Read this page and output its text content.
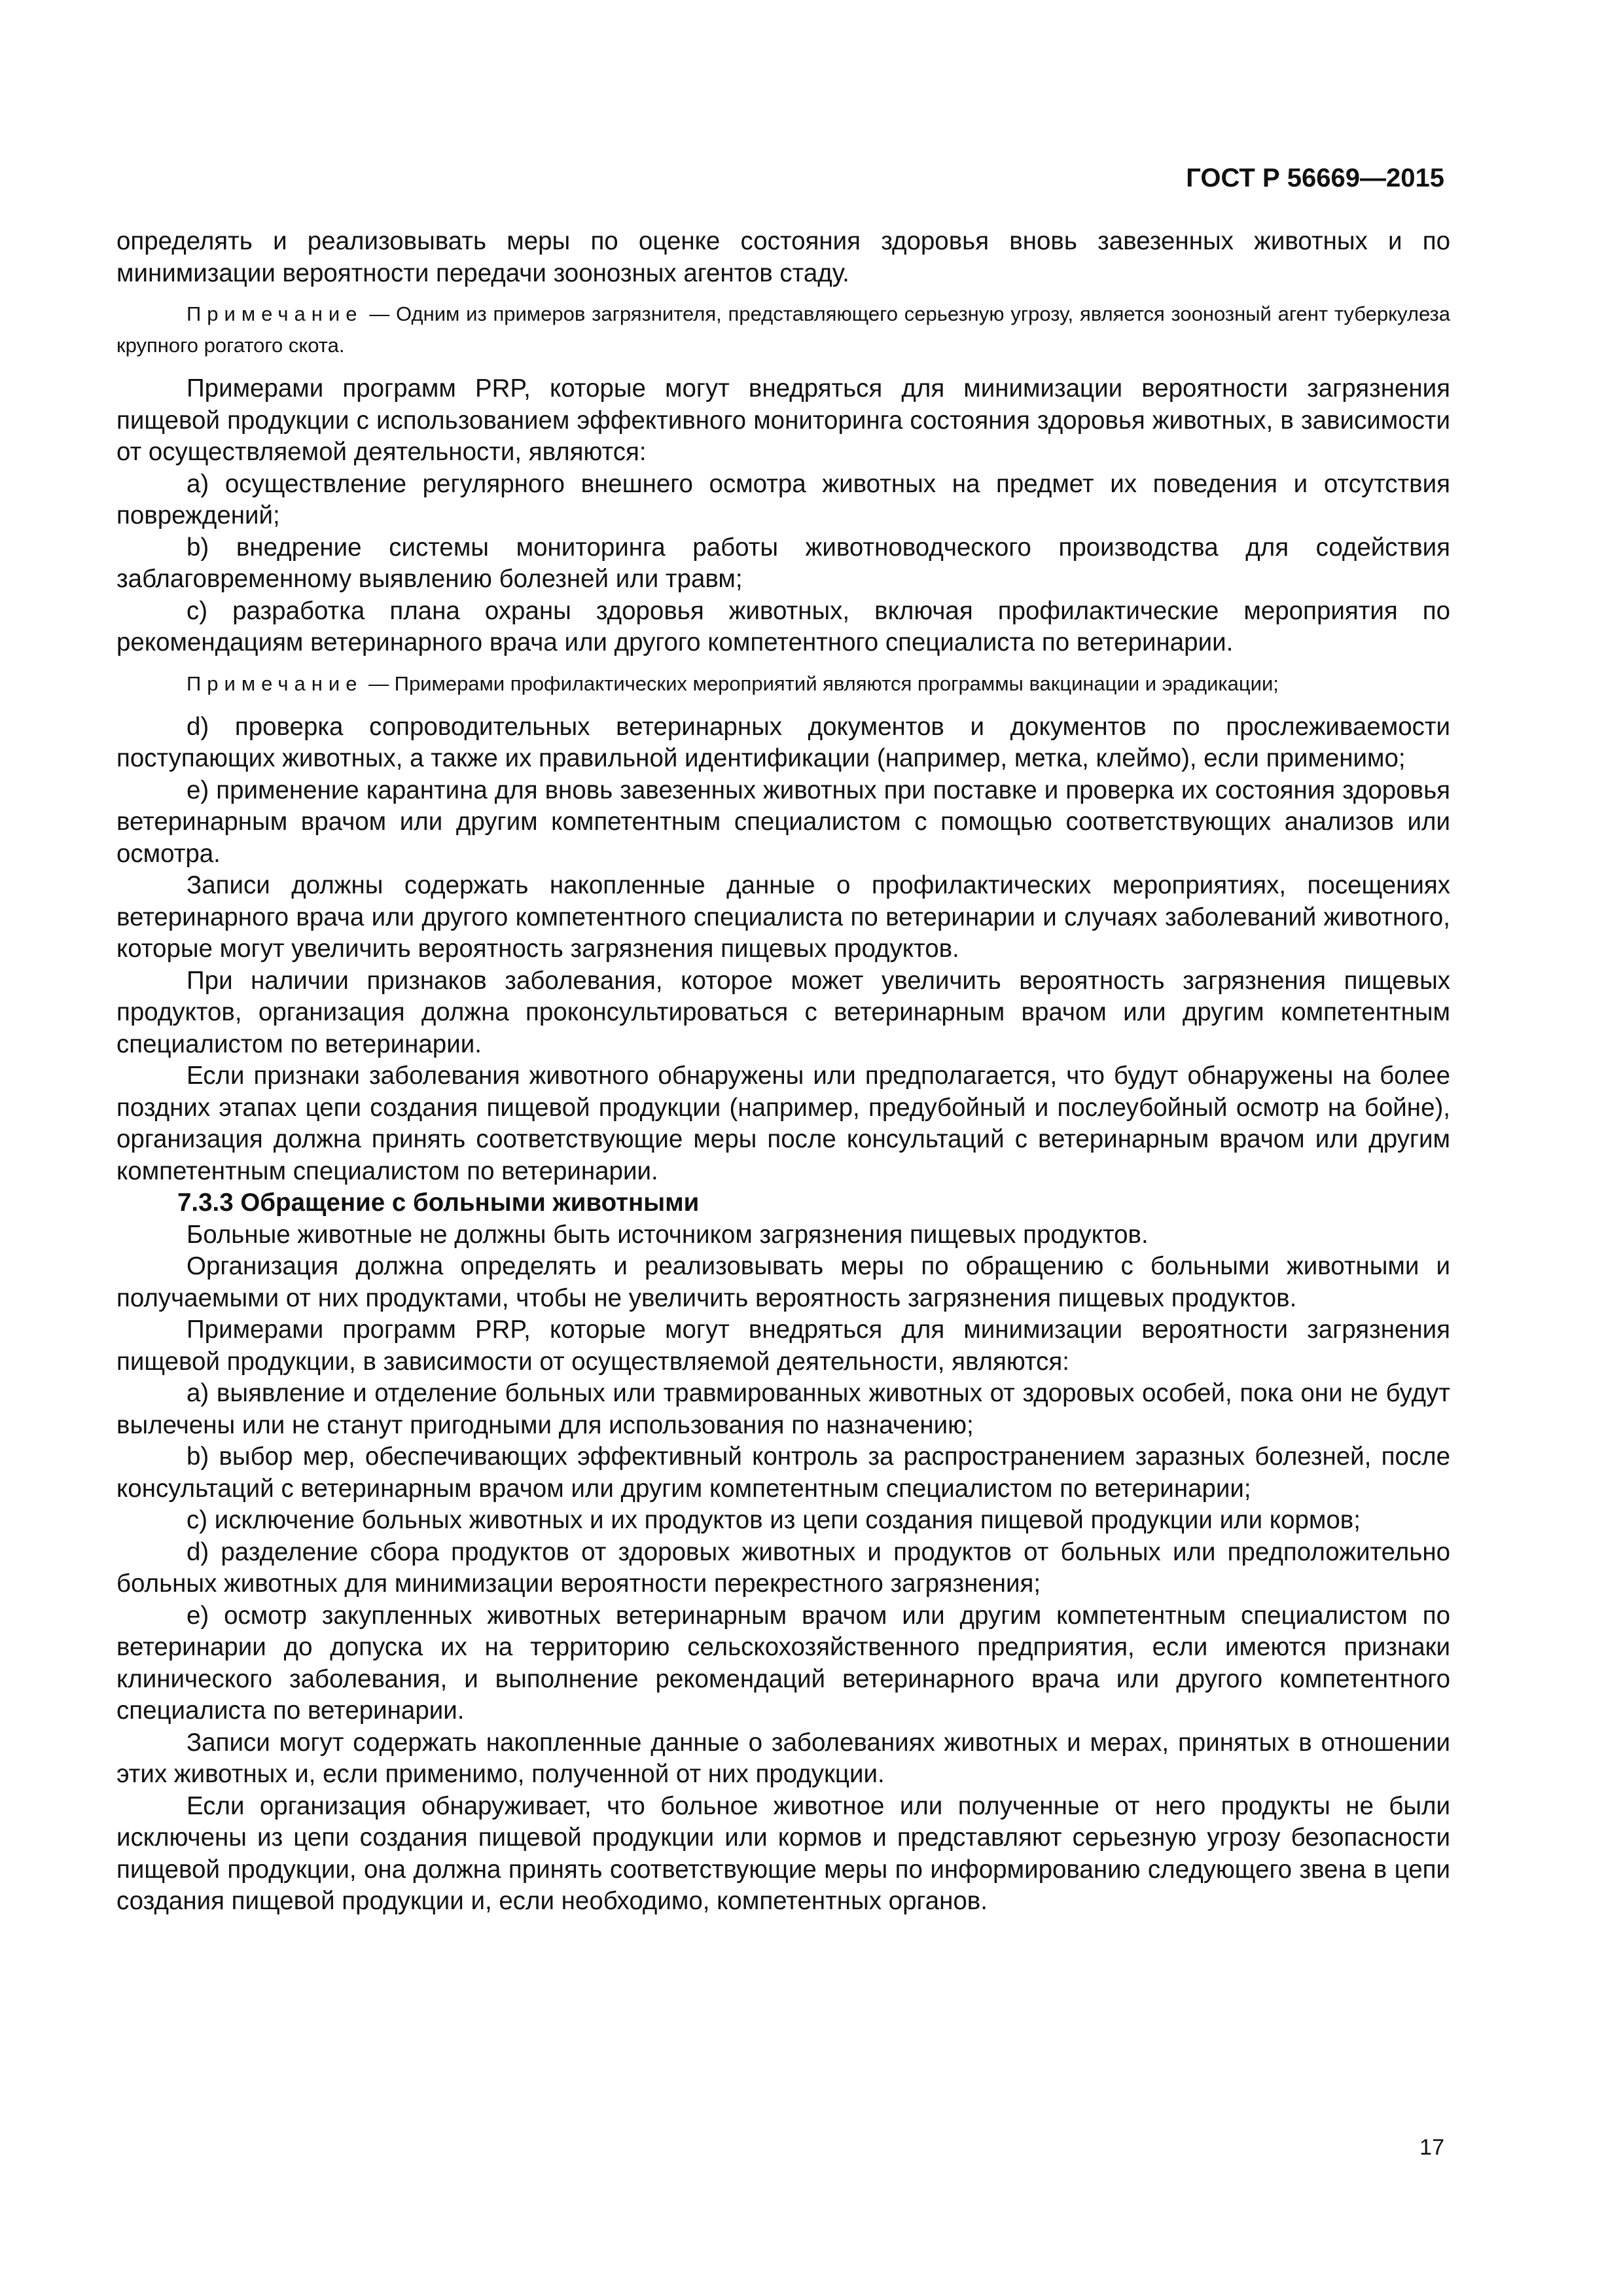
ГОСТ Р 56669—2015

определять и реализовывать меры по оценке состояния здоровья вновь завезенных животных и по минимизации вероятности передачи зоонозных агентов стаду.

Примечание — Одним из примеров загрязнителя, представляющего серьезную угрозу, является зоонозный агент туберкулеза крупного рогатого скота.

Примерами программ PRP, которые могут внедряться для минимизации вероятности загрязнения пищевой продукции с использованием эффективного мониторинга состояния здоровья животных, в зависимости от осуществляемой деятельности, являются:

a) осуществление регулярного внешнего осмотра животных на предмет их поведения и отсутствия повреждений;

b) внедрение системы мониторинга работы животноводческого производства для содействия заблаговременному выявлению болезней или травм;

c) разработка плана охраны здоровья животных, включая профилактические мероприятия по рекомендациям ветеринарного врача или другого компетентного специалиста по ветеринарии.

Примечание — Примерами профилактических мероприятий являются программы вакцинации и эрадикации;

d) проверка сопроводительных ветеринарных документов и документов по прослеживаемости поступающих животных, а также их правильной идентификации (например, метка, клеймо), если применимо;

e) применение карантина для вновь завезенных животных при поставке и проверка их состояния здоровья ветеринарным врачом или другим компетентным специалистом с помощью соответствующих анализов или осмотра.

Записи должны содержать накопленные данные о профилактических мероприятиях, посещениях ветеринарного врача или другого компетентного специалиста по ветеринарии и случаях заболеваний животного, которые могут увеличить вероятность загрязнения пищевых продуктов.

При наличии признаков заболевания, которое может увеличить вероятность загрязнения пищевых продуктов, организация должна проконсультироваться с ветеринарным врачом или другим компетентным специалистом по ветеринарии.

Если признаки заболевания животного обнаружены или предполагается, что будут обнаружены на более поздних этапах цепи создания пищевой продукции (например, предубойный и послеубойный осмотр на бойне), организация должна принять соответствующие меры после консультаций с ветеринарным врачом или другим компетентным специалистом по ветеринарии.

7.3.3 Обращение с больными животными

Больные животные не должны быть источником загрязнения пищевых продуктов.

Организация должна определять и реализовывать меры по обращению с больными животными и получаемыми от них продуктами, чтобы не увеличить вероятность загрязнения пищевых продуктов.

Примерами программ PRP, которые могут внедряться для минимизации вероятности загрязнения пищевой продукции, в зависимости от осуществляемой деятельности, являются:

a) выявление и отделение больных или травмированных животных от здоровых особей, пока они не будут вылечены или не станут пригодными для использования по назначению;

b) выбор мер, обеспечивающих эффективный контроль за распространением заразных болезней, после консультаций с ветеринарным врачом или другим компетентным специалистом по ветеринарии;

c) исключение больных животных и их продуктов из цепи создания пищевой продукции или кормов;

d) разделение сбора продуктов от здоровых животных и продуктов от больных или предположительно больных животных для минимизации вероятности перекрестного загрязнения;

e) осмотр закупленных животных ветеринарным врачом или другим компетентным специалистом по ветеринарии до допуска их на территорию сельскохозяйственного предприятия, если имеются признаки клинического заболевания, и выполнение рекомендаций ветеринарного врача или другого компетентного специалиста по ветеринарии.

Записи могут содержать накопленные данные о заболеваниях животных и мерах, принятых в отношении этих животных и, если применимо, полученной от них продукции.

Если организация обнаруживает, что больное животное или полученные от него продукты не были исключены из цепи создания пищевой продукции или кормов и представляют серьезную угрозу безопасности пищевой продукции, она должна принять соответствующие меры по информированию следующего звена в цепи создания пищевой продукции и, если необходимо, компетентных органов.

17
